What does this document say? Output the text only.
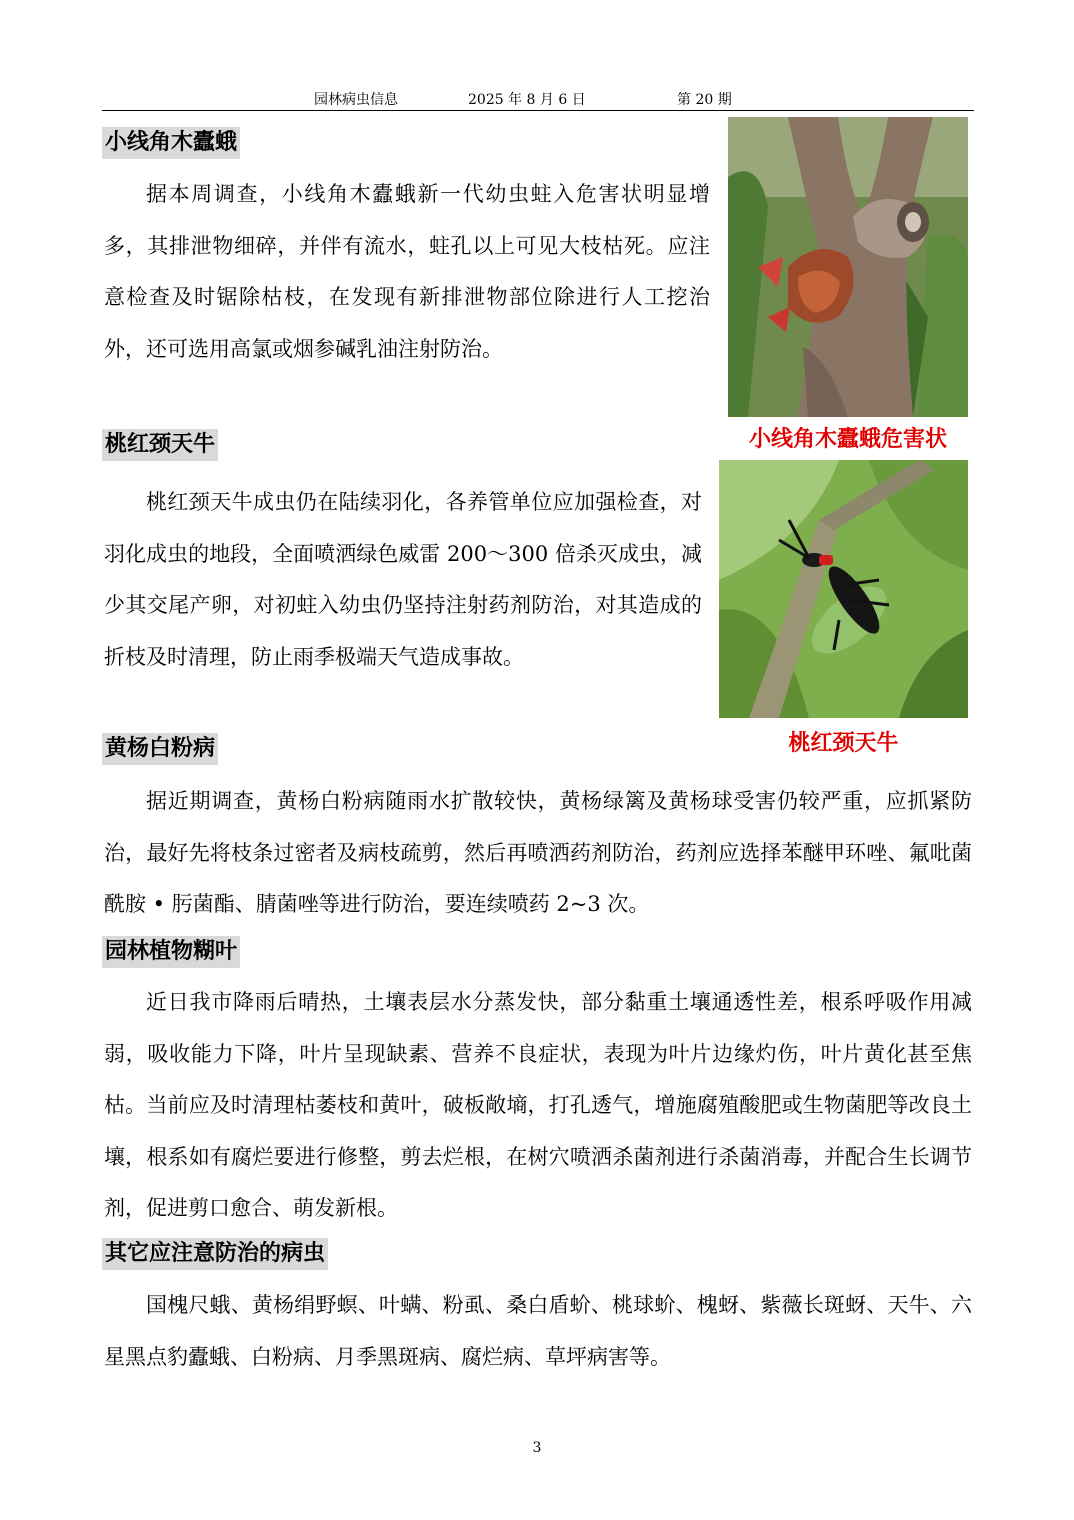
园林病虫信息	2025 年 8 月 6 日	第 20 期
小线角木蠹蛾

据本周调查，小线角木蠹蛾新一代幼虫蛀入危害状明显增多，其排泄物细碎，并伴有流水，蛀孔以上可见大枝枯死。应注意检查及时锯除枯枝，在发现有新排泄物部位除进行人工挖治外，还可选用高氯或烟参碱乳油注射防治。

小线角木蠹蛾危害状
桃红颈天牛

桃红颈天牛成虫仍在陆续羽化，各养管单位应加强检查，对羽化成虫的地段，全面喷洒绿色威雷 200～300 倍杀灭成虫，减少其交尾产卵，对初蛀入幼虫仍坚持注射药剂防治，对其造成的折枝及时清理，防止雨季极端天气造成事故。

桃红颈天牛
黄杨白粉病

据近期调查，黄杨白粉病随雨水扩散较快，黄杨绿篱及黄杨球受害仍较严重，应抓紧防治，最好先将枝条过密者及病枝疏剪，然后再喷洒药剂防治，药剂应选择苯醚甲环唑、氟吡菌酰胺 • 肟菌酯、腈菌唑等进行防治，要连续喷药 2~3 次。

园林植物糊叶

近日我市降雨后晴热，土壤表层水分蒸发快，部分黏重土壤通透性差，根系呼吸作用减弱，吸收能力下降，叶片呈现缺素、营养不良症状，表现为叶片边缘灼伤，叶片黄化甚至焦枯。当前应及时清理枯萎枝和黄叶，破板敞墒，打孔透气，增施腐殖酸肥或生物菌肥等改良土壤，根系如有腐烂要进行修整，剪去烂根，在树穴喷洒杀菌剂进行杀菌消毒，并配合生长调节剂，促进剪口愈合、萌发新根。

其它应注意防治的病虫

国槐尺蛾、黄杨绢野螟、叶螨、粉虱、桑白盾蚧、桃球蚧、槐蚜、紫薇长斑蚜、天牛、六星黑点豹蠹蛾、白粉病、月季黑斑病、腐烂病、草坪病害等。

3
